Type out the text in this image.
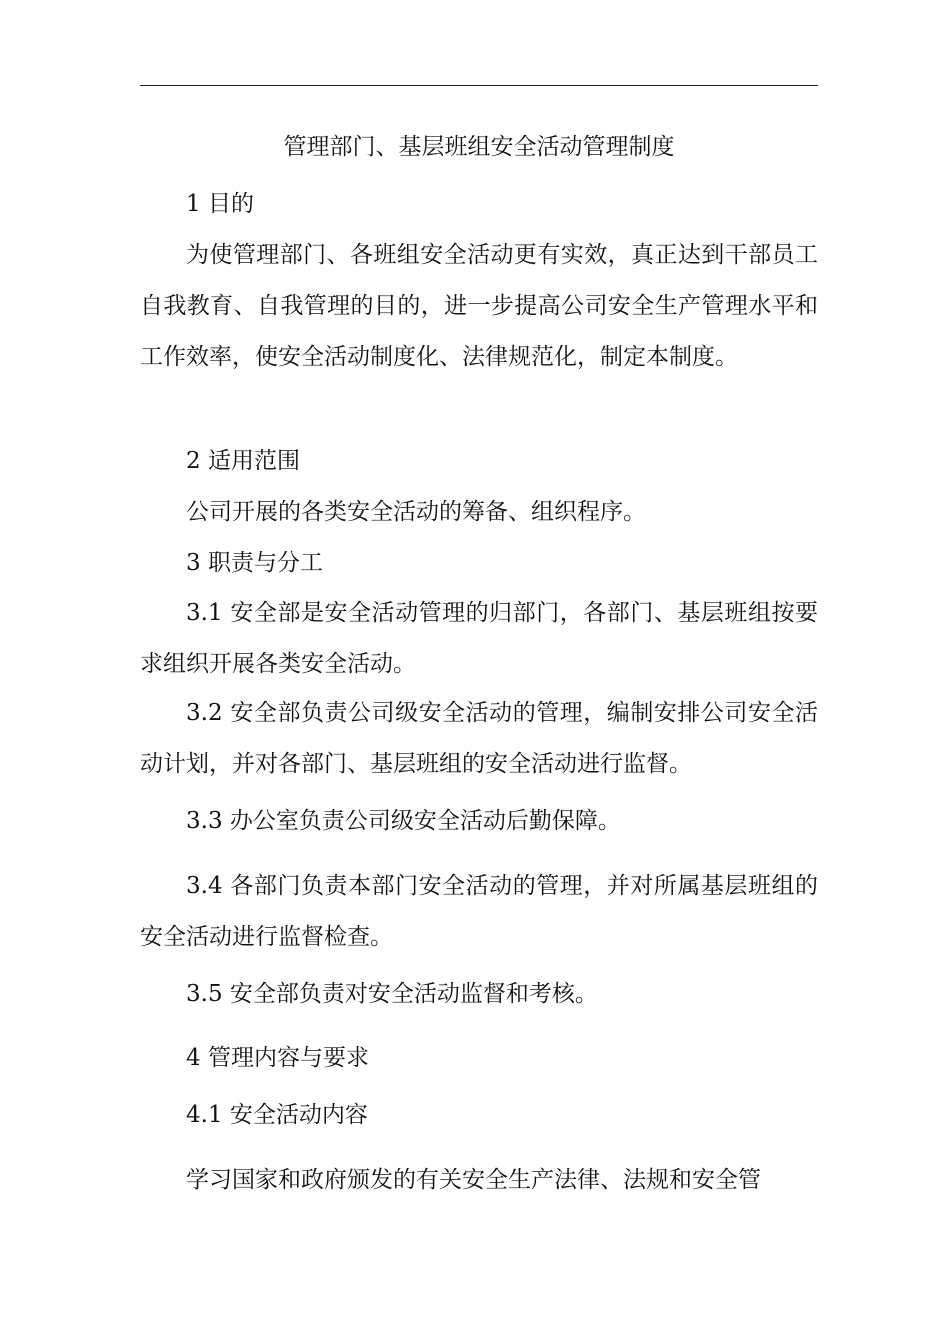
管理部门、基层班组安全活动管理制度

1 目的

为使管理部门、各班组安全活动更有实效，真正达到干部员工自我教育、自我管理的目的，进一步提高公司安全生产管理水平和工作效率，使安全活动制度化、法律规范化，制定本制度。

2 适用范围

公司开展的各类安全活动的筹备、组织程序。

3 职责与分工

3.1 安全部是安全活动管理的归部门，各部门、基层班组按要求组织开展各类安全活动。

3.2 安全部负责公司级安全活动的管理，编制安排公司安全活动计划，并对各部门、基层班组的安全活动进行监督。

3.3 办公室负责公司级安全活动后勤保障。

3.4 各部门负责本部门安全活动的管理，并对所属基层班组的安全活动进行监督检查。

3.5 安全部负责对安全活动监督和考核。

4 管理内容与要求

4.1 安全活动内容

学习国家和政府颁发的有关安全生产法律、法规和安全管
